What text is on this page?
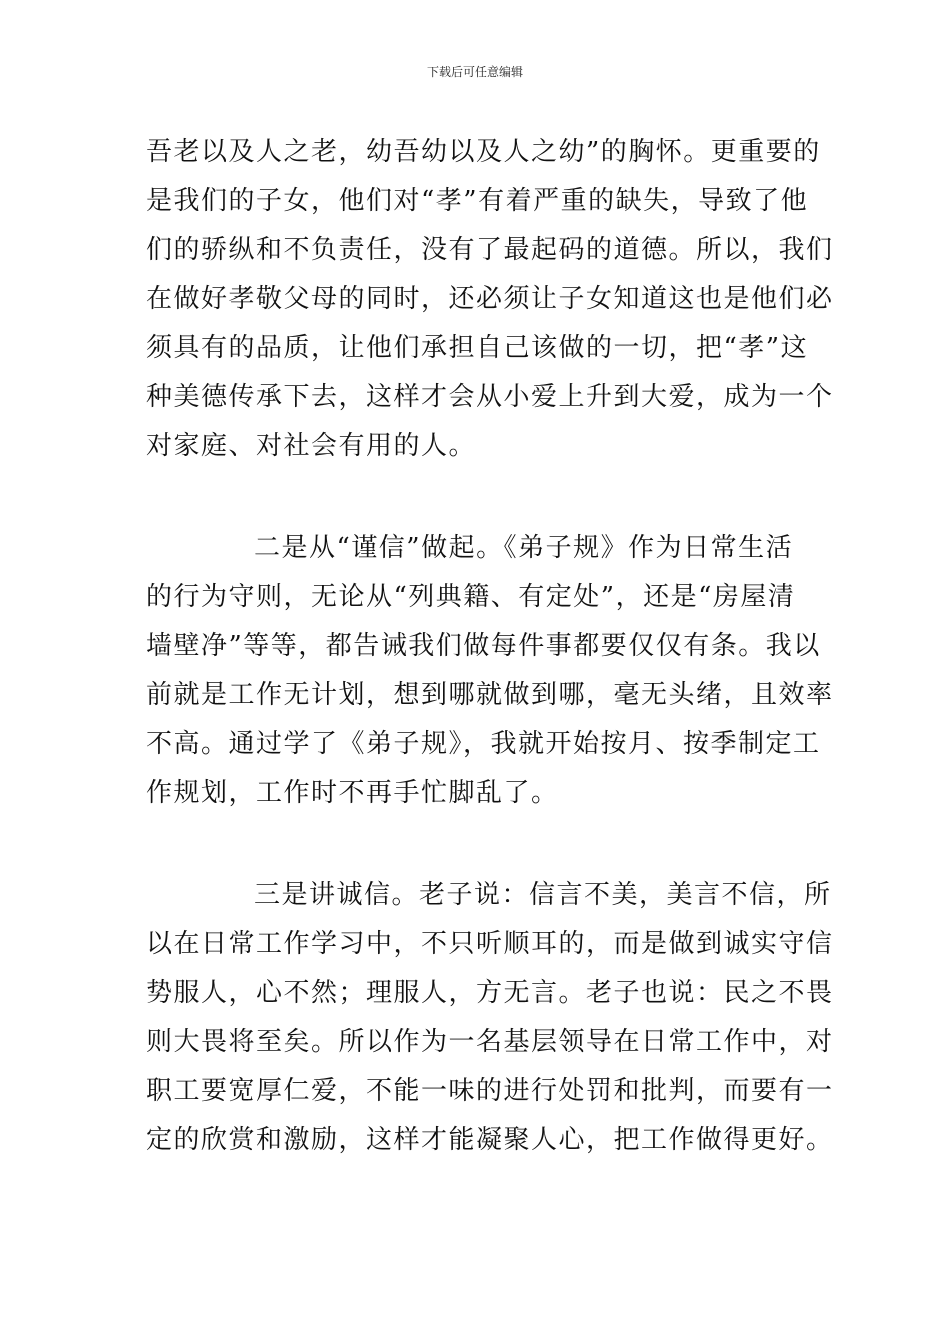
下载后可任意编辑
吾老以及人之老，幼吾幼以及人之幼”的胸怀。更重要的
是我们的子女，他们对“孝”有着严重的缺失，导致了他
们的骄纵和不负责任，没有了最起码的道德。所以，我们
在做好孝敬父母的同时，还必须让子女知道这也是他们必
须具有的品质，让他们承担自己该做的一切，把“孝”这
种美德传承下去，这样才会从小爱上升到大爱，成为一个
对家庭、对社会有用的人。
二是从“谨信”做起。《弟子规》作为日常生活
的行为守则，无论从“列典籍、有定处”，还是“房屋清
墙壁净”等等，都告诫我们做每件事都要仅仅有条。我以
前就是工作无计划，想到哪就做到哪，毫无头绪，且效率
不高。通过学了《弟子规》，我就开始按月、按季制定工
作规划，工作时不再手忙脚乱了。
三是讲诚信。老子说：信言不美，美言不信，所
以在日常工作学习中，不只听顺耳的，而是做到诚实守信
势服人，心不然；理服人，方无言。老子也说：民之不畏
则大畏将至矣。所以作为一名基层领导在日常工作中，对
职工要宽厚仁爱，不能一味的进行处罚和批判，而要有一
定的欣赏和激励，这样才能凝聚人心，把工作做得更好。
